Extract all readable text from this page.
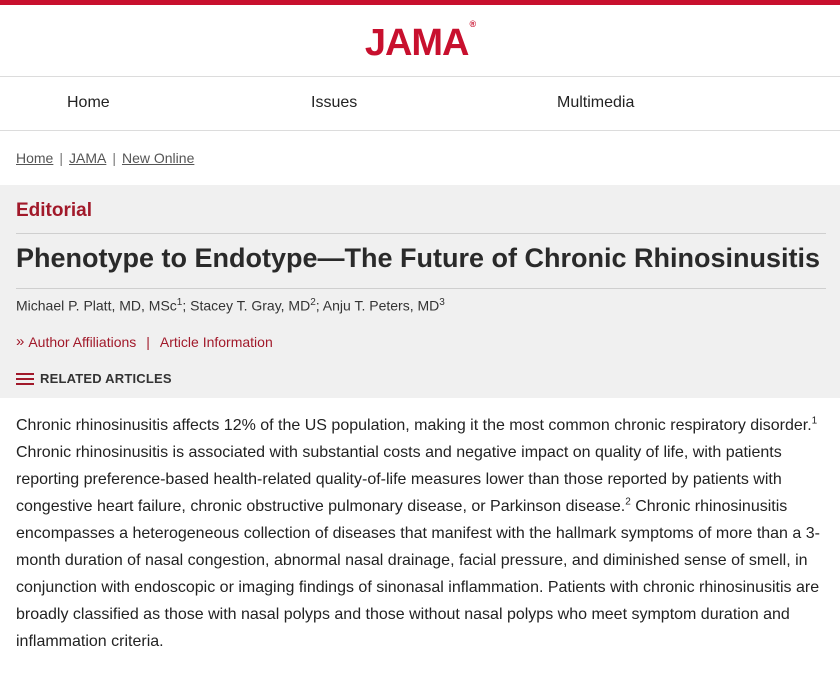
JAMA®
Home	Issues	Multimedia
Home | JAMA | New Online
Editorial
Phenotype to Endotype—The Future of Chronic Rhinosinusitis
Michael P. Platt, MD, MSc$^1$; Stacey T. Gray, $MD^2$; Anju T. Peters, $MD^3$
» Author Affiliations | Article Information
RELATED ARTICLES

Chronic rhinosinusitis affects 12% of the US population, making it the most common chronic respiratory disorder.$^1$ Chronic rhinosinusitis is associated with substantial costs and negative impact on quality of life, with patients reporting preference-based health-related quality-of-life measures lower than those reported by patients with congestive heart failure, chronic obstructive pulmonary disease, or Parkinson disease.$^2$ Chronic rhinosinusitis encompasses a heterogeneous collection of diseases that manifest with the hallmark symptoms of more than a 3-month duration of nasal congestion, abnormal nasal drainage, facial pressure, and diminished sense of smell, in conjunction with endoscopic or imaging findings of sinonasal inflammation. Patients with chronic rhinosinusitis are broadly classified as those with nasal polyps and those without nasal polyps who meet symptom duration and inflammation criteria.
